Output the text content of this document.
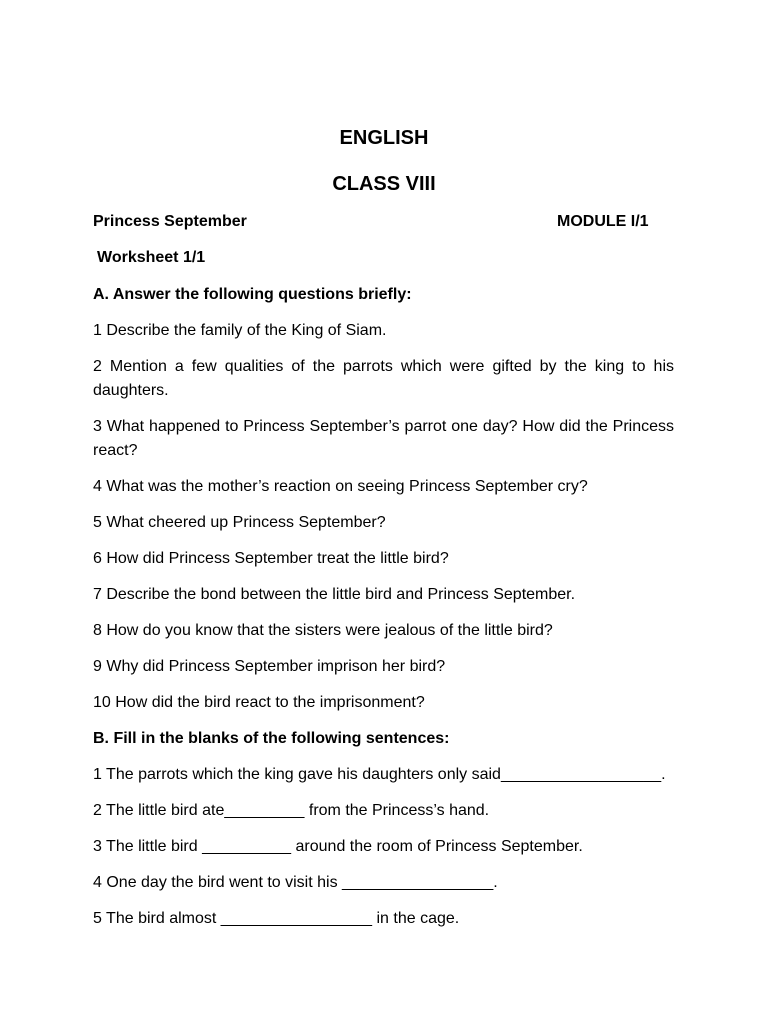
ENGLISH
CLASS VIII
Princess September	MODULE I/1
Worksheet 1/1
A. Answer the following questions briefly:
1 Describe the family of the King of Siam.
2 Mention a few qualities of the parrots which were gifted by the king to his daughters.
3 What happened to Princess September’s parrot one day? How did the Princess react?
4 What was the mother’s reaction on seeing Princess September cry?
5 What cheered up Princess September?
6 How did Princess September treat the little bird?
7 Describe the bond between the little bird and Princess September.
8 How do you know that the sisters were jealous of the little bird?
9 Why did Princess September imprison her bird?
10 How did the bird react to the imprisonment?
B. Fill in the blanks of the following sentences:
1 The parrots which the king gave his daughters only said__________________.
2 The little bird ate_________ from the Princess’s hand.
3 The little bird __________ around the room of Princess September.
4 One day the bird went to visit his _________________.
5 The bird almost _________________ in the cage.
